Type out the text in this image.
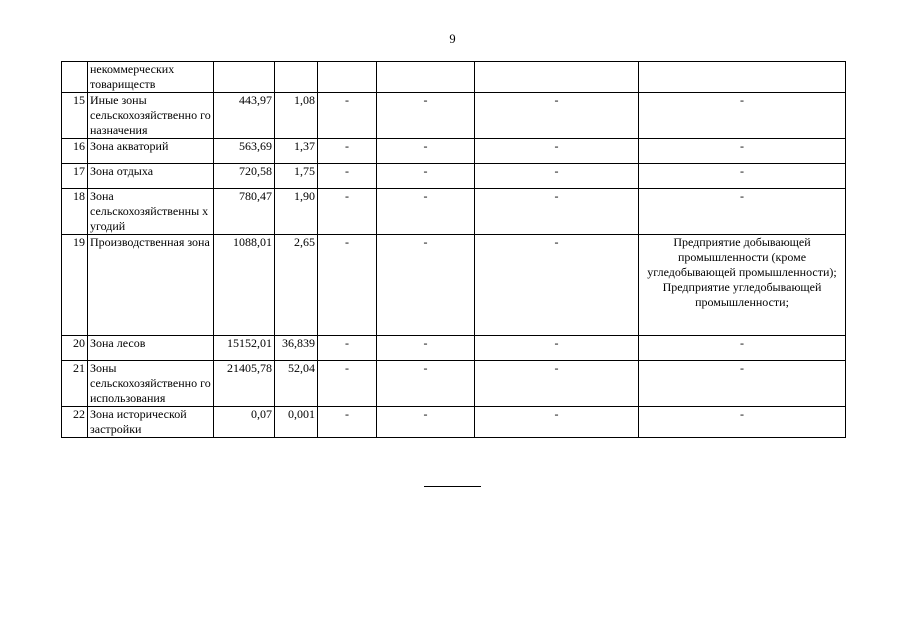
9
	некоммерческих товариществ						
15	Иные зоны сельскохозяйственно го назначения	443,97	1,08	-	-	-	-
16	Зона акваторий	563,69	1,37	-	-	-	-
17	Зона отдыха	720,58	1,75	-	-	-	-
18	Зона сельскохозяйственны х угодий	780,47	1,90	-	-	-	-
19	Производственная зона	1088,01	2,65	-	-	-	Предприятие добывающей промышленности (кроме угледобывающей промышленности); Предприятие угледобывающей промышленности;
20	Зона лесов	15152,01	36,839	-	-	-	-
21	Зоны сельскохозяйственно го использования	21405,78	52,04	-	-	-	-
22	Зона исторической застройки	0,07	0,001	-	-	-	-
